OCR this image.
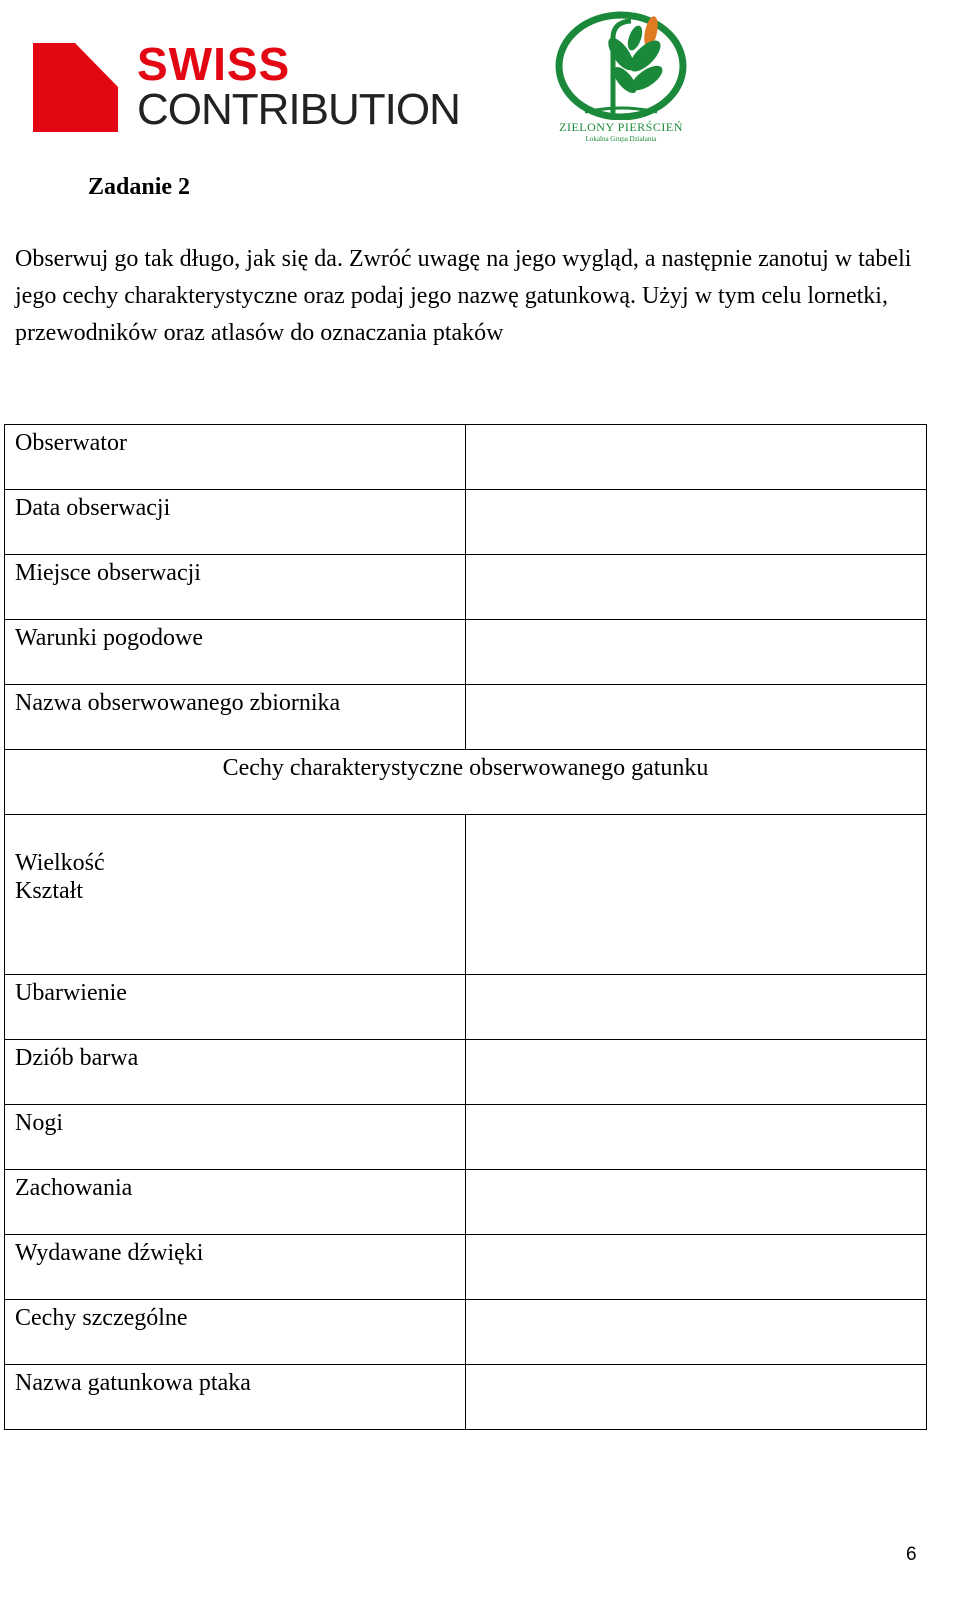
SWISS
CONTRIBUTION	ZIELONY PIERŚCIEŃ
Lokalna Grupa Działania
Zadanie 2

Obserwuj go tak długo, jak się da. Zwróć uwagę na jego wygląd, a następnie zanotuj w tabeli jego cechy charakterystyczne oraz podaj jego nazwę gatunkową. Użyj w tym celu lornetki, przewodników oraz atlasów do oznaczania ptaków

Obserwator	
Data obserwacji	
Miejsce obserwacji	
Warunki pogodowe	
Nazwa obserwowanego zbiornika	
Cechy charakterystyczne obserwowanego gatunku	

Wielkość
Kształt	

Ubarwienie	
Dziób barwa	
Nogi	
Zachowania	
Wydawane dźwięki	
Cechy szczególne	
Nazwa gatunkowa ptaka	
6
